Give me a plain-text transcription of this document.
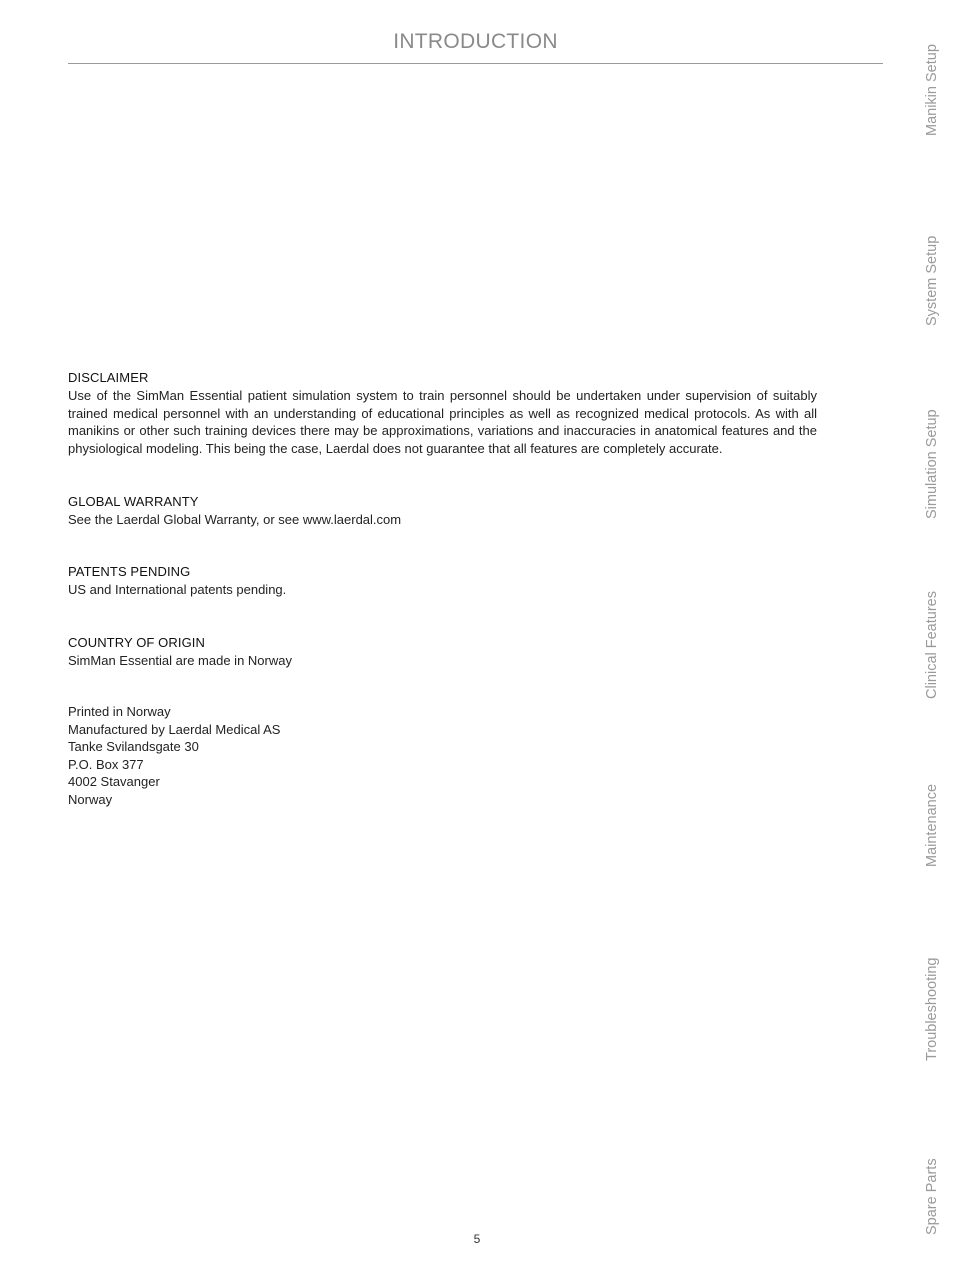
INTRODUCTION
DISCLAIMER

Use of the SimMan Essential patient simulation system to train personnel should be undertaken under supervision of suitably trained medical personnel with an understanding of educational principles as well as recognized medical protocols. As with all manikins or other such training devices there may be approximations, variations and inaccuracies in anatomical features and the physiological modeling. This being the case, Laerdal does not guarantee that all features are completely accurate.

GLOBAL WARRANTY

See the Laerdal Global Warranty, or see www.laerdal.com

PATENTS PENDING

US and International patents pending.

COUNTRY OF ORIGIN

SimMan Essential are made in Norway

Printed in Norway
Manufactured by Laerdal Medical AS
Tanke Svilandsgate 30
P.O. Box 377
4002 Stavanger
Norway
Manikin Setup
System Setup
Simulation Setup
Clinical Features
Maintenance
Troubleshooting
Spare Parts
5
